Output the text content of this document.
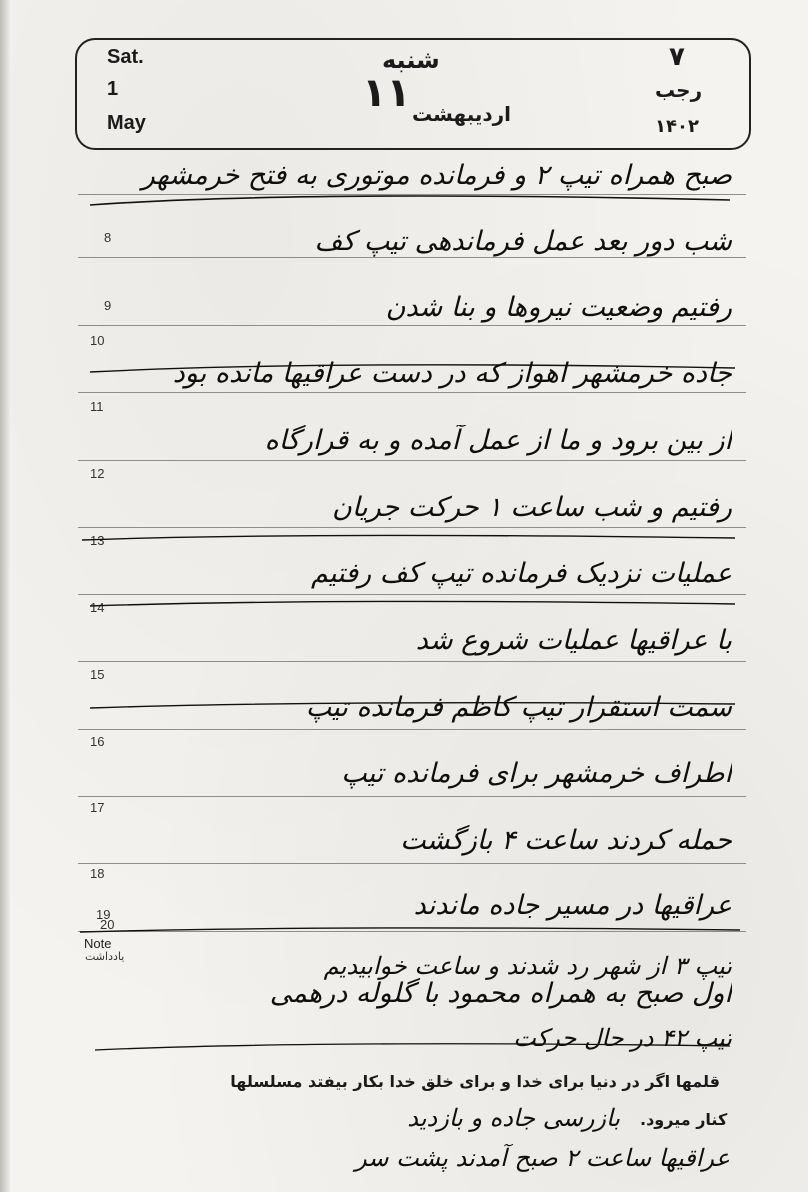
Sat.
1
May
شنبه
۱۱ اردیبهشت
۷
رجب
۱۴۰۲
8
9
10
11
12
13
14
15
16
17
18
19
20
صبح همراه تیپ ۲ و فرمانده موتوری به فتح خرمشهر
شب دور بعد عمل فرماندهی تیپ کف
رفتیم وضعیت نیروها و بنا شدن
جاده خرمشهر اهواز که در دست عراقیها مانده بود
از بین برود و ما از عمل آمده و به قرارگاه
رفتیم و شب ساعت ۱ حرکت جریان
عملیات نزدیک فرمانده تیپ کف رفتیم
با عراقیها عملیات شروع شد
سمت استقرار تیپ کاظم فرمانده تیپ
اطراف خرمشهر برای فرمانده تیپ
حمله کردند ساعت ۴ بازگشت
عراقیها در مسیر جاده ماندند
تیپ ۳ از شهر رد شدند و ساعت خوابیدیم
Note
یادداشت
اول صبح به همراه محمود با گلوله درهمی
تیپ ۴۲ در حال حرکت
قلمها اگر در دنیا برای خدا و برای خلق خدا بکار بیفتد مسلسلها
کنار میرود.
بازرسی جاده و بازدید
عراقیها ساعت ۲ صبح آمدند پشت سر
